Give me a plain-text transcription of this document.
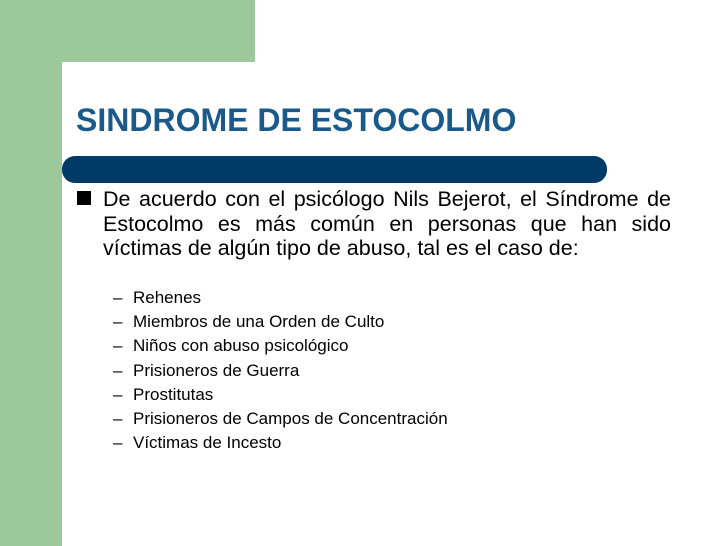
SINDROME DE ESTOCOLMO

De acuerdo con el psicólogo Nils Bejerot, el Síndrome de Estocolmo es más común en personas que han sido víctimas de algún tipo de abuso, tal es el caso de:

– Rehenes
– Miembros de una Orden de Culto
– Niños con abuso psicológico
– Prisioneros de Guerra
– Prostitutas
– Prisioneros de Campos de Concentración
– Víctimas de Incesto
